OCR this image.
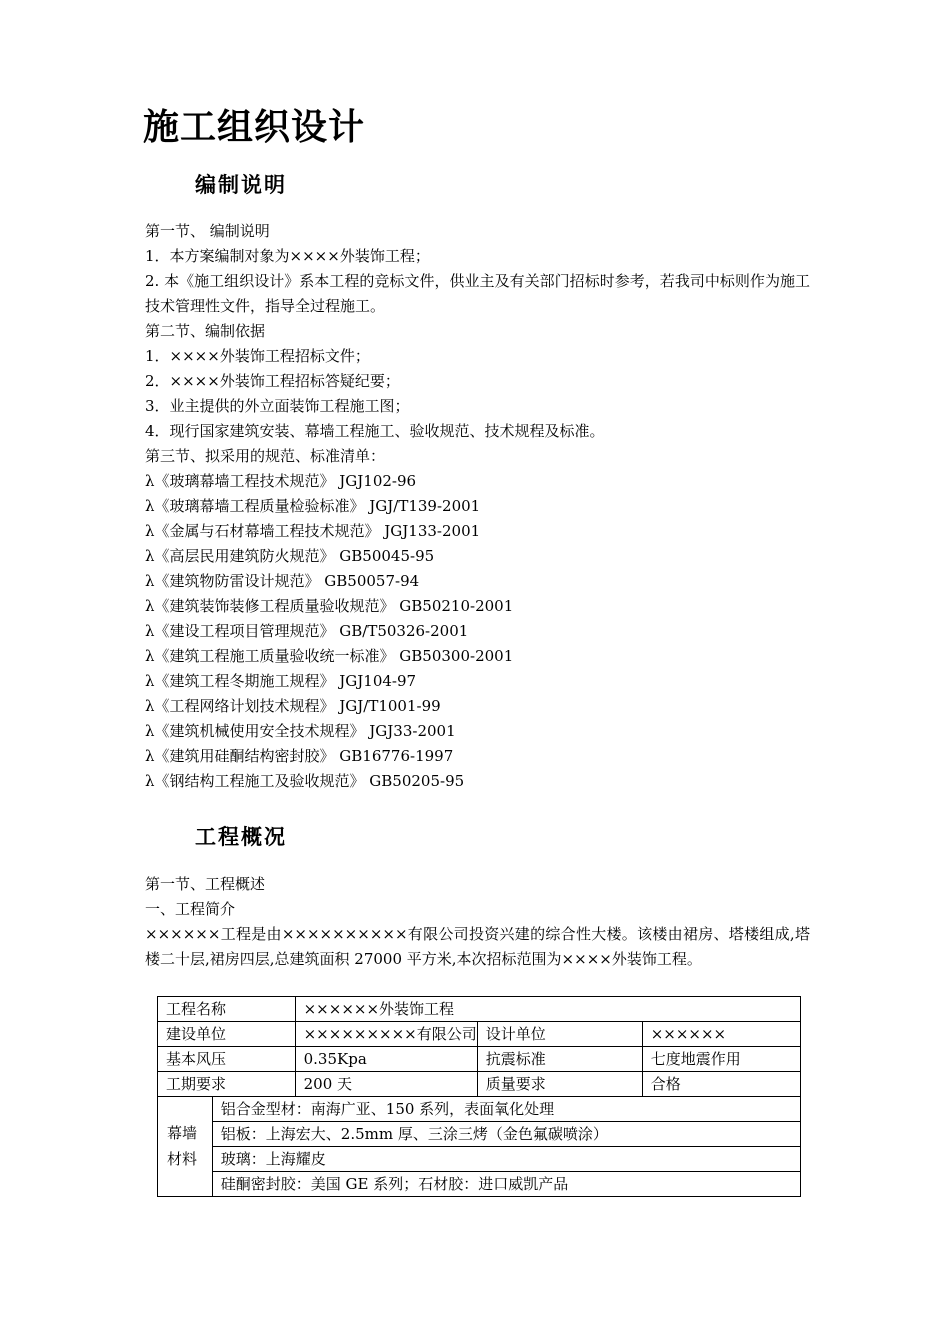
施工组织设计
编制说明

第一节、 编制说明

1．本方案编制对象为××××外装饰工程；

2. 本《施工组织设计》系本工程的竞标文件，供业主及有关部门招标时参考，若我司中标则作为施工技术管理性文件，指导全过程施工。

第二节、编制依据

1．××××外装饰工程招标文件；

2．××××外装饰工程招标答疑纪要；

3．业主提供的外立面装饰工程施工图；

4．现行国家建筑安装、幕墙工程施工、验收规范、技术规程及标准。

第三节、拟采用的规范、标准清单：

λ《玻璃幕墙工程技术规范》 JGJ102-96

λ《玻璃幕墙工程质量检验标准》 JGJ/T139-2001

λ《金属与石材幕墙工程技术规范》 JGJ133-2001

λ《高层民用建筑防火规范》 GB50045-95

λ《建筑物防雷设计规范》 GB50057-94

λ《建筑装饰装修工程质量验收规范》 GB50210-2001

λ《建设工程项目管理规范》 GB/T50326-2001

λ《建筑工程施工质量验收统一标准》 GB50300-2001

λ《建筑工程冬期施工规程》 JGJ104-97

λ《工程网络计划技术规程》 JGJ/T1001-99

λ《建筑机械使用安全技术规程》 JGJ33-2001

λ《建筑用硅酮结构密封胶》 GB16776-1997

λ《钢结构工程施工及验收规范》 GB50205-95

工程概况

第一节、工程概述

一、工程简介

××××××工程是由××××××××××有限公司投资兴建的综合性大楼。该楼由裙房、塔楼组成,塔楼二十层,裙房四层,总建筑面积 27000 平方米,本次招标范围为××××外装饰工程。

工程名称		××××××外装饰工程		
建设单位		×××××××××有限公司	设计单位	××××××
基本风压		0.35Kpa	抗震标准	七度地震作用
工期要求		200 天	质量要求	合格
幕墙材料	铝合金型材：南海广亚、150 系列，表面氧化处理			
	铝板：上海宏大、2.5mm 厚、三涂三烤（金色氟碳喷涂）			
	玻璃：上海耀皮			
	硅酮密封胶：美国 GE 系列；石材胶：进口威凯产品			
